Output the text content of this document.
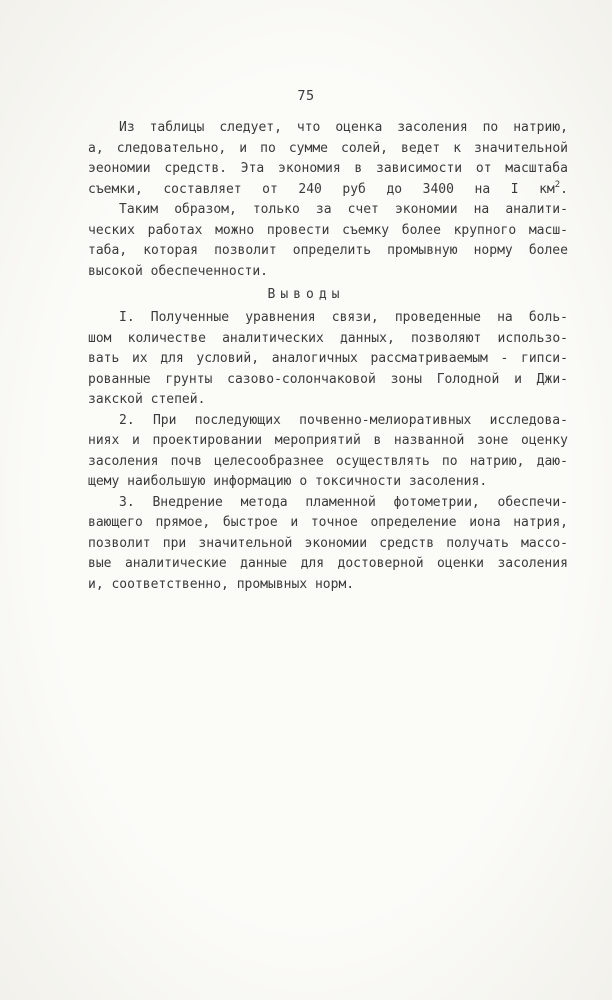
75
Из таблицы следует, что оценка засоления по натрию,
а, следовательно, и по сумме солей, ведет к значительной
эеономии средств. Эта экономия в зависимости от масштаба
съемки, составляет от 240 руб до 3400 на I $км^2$.
Таким образом, только за счет экономии на аналити-
ческих работах можно провести съемку более крупного масш-
таба, которая позволит определить промывную норму более
высокой обеспеченности.
Выводы
I. Полученные уравнения связи, проведенные на боль-
шом количестве аналитических данных, позволяют использо-
вать их для условий, аналогичных рассматриваемым - гипси-
рованные грунты сазово-солончаковой зоны Голодной и Джи-
закской степей.
2. При последующих почвенно-мелиоративных исследова-
ниях и проектировании мероприятий в названной зоне оценку
засоления почв целесообразнее осуществлять по натрию, даю-
щему наибольшую информацию о токсичности засоления.
3. Внедрение метода пламенной фотометрии, обеспечи-
вающего прямое, быстрое и точное определение иона натрия,
позволит при значительной экономии средств получать массо-
вые аналитические данные для достоверной оценки засоления
и, соответственно, промывных норм.
